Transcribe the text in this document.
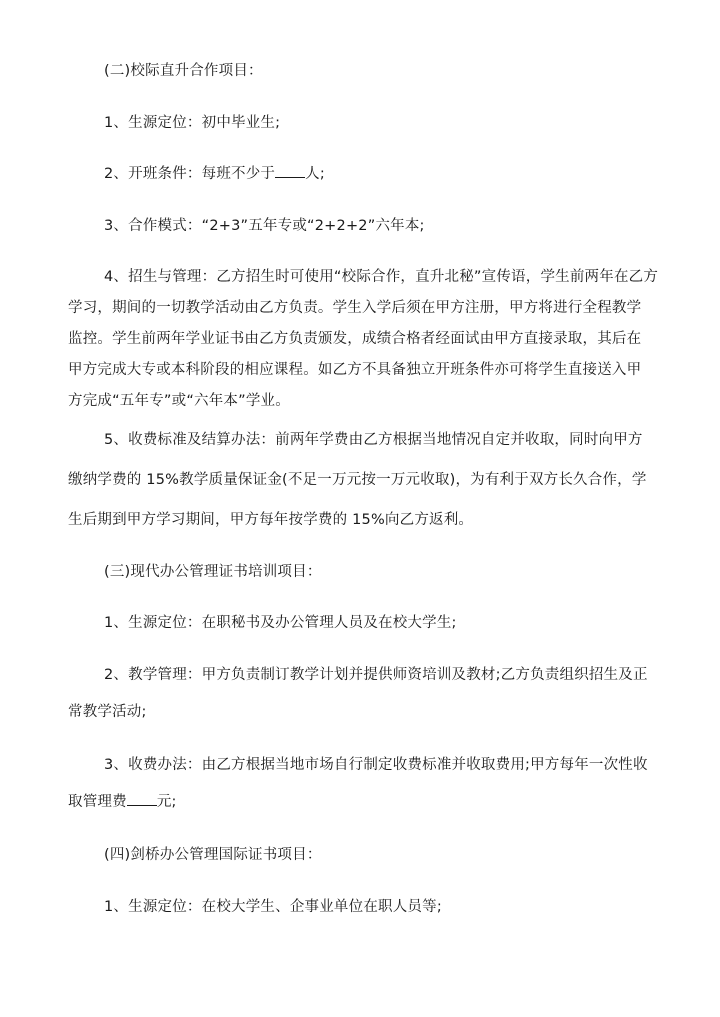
(二)校际直升合作项目：

1、生源定位：初中毕业生;

2、开班条件：每班不少于 人;

3、合作模式：“2+3”五年专或“2+2+2”六年本;

4、招生与管理：乙方招生时可使用“校际合作，直升北秘”宣传语，学生前两年在乙方
学习，期间的一切教学活动由乙方负责。学生入学后须在甲方注册，甲方将进行全程教学
监控。学生前两年学业证书由乙方负责颁发，成绩合格者经面试由甲方直接录取，其后在
甲方完成大专或本科阶段的相应课程。如乙方不具备独立开班条件亦可将学生直接送入甲
方完成“五年专”或“六年本”学业。

5、收费标准及结算办法：前两年学费由乙方根据当地情况自定并收取，同时向甲方
缴纳学费的 15%教学质量保证金(不足一万元按一万元收取)，为有利于双方长久合作，学
生后期到甲方学习期间，甲方每年按学费的 15%向乙方返利。

(三)现代办公管理证书培训项目：

1、生源定位：在职秘书及办公管理人员及在校大学生;

2、教学管理：甲方负责制订教学计划并提供师资培训及教材;乙方负责组织招生及正
常教学活动;

3、收费办法：由乙方根据当地市场自行制定收费标准并收取费用;甲方每年一次性收
取管理费 元;

(四)剑桥办公管理国际证书项目：

1、生源定位：在校大学生、企事业单位在职人员等;
